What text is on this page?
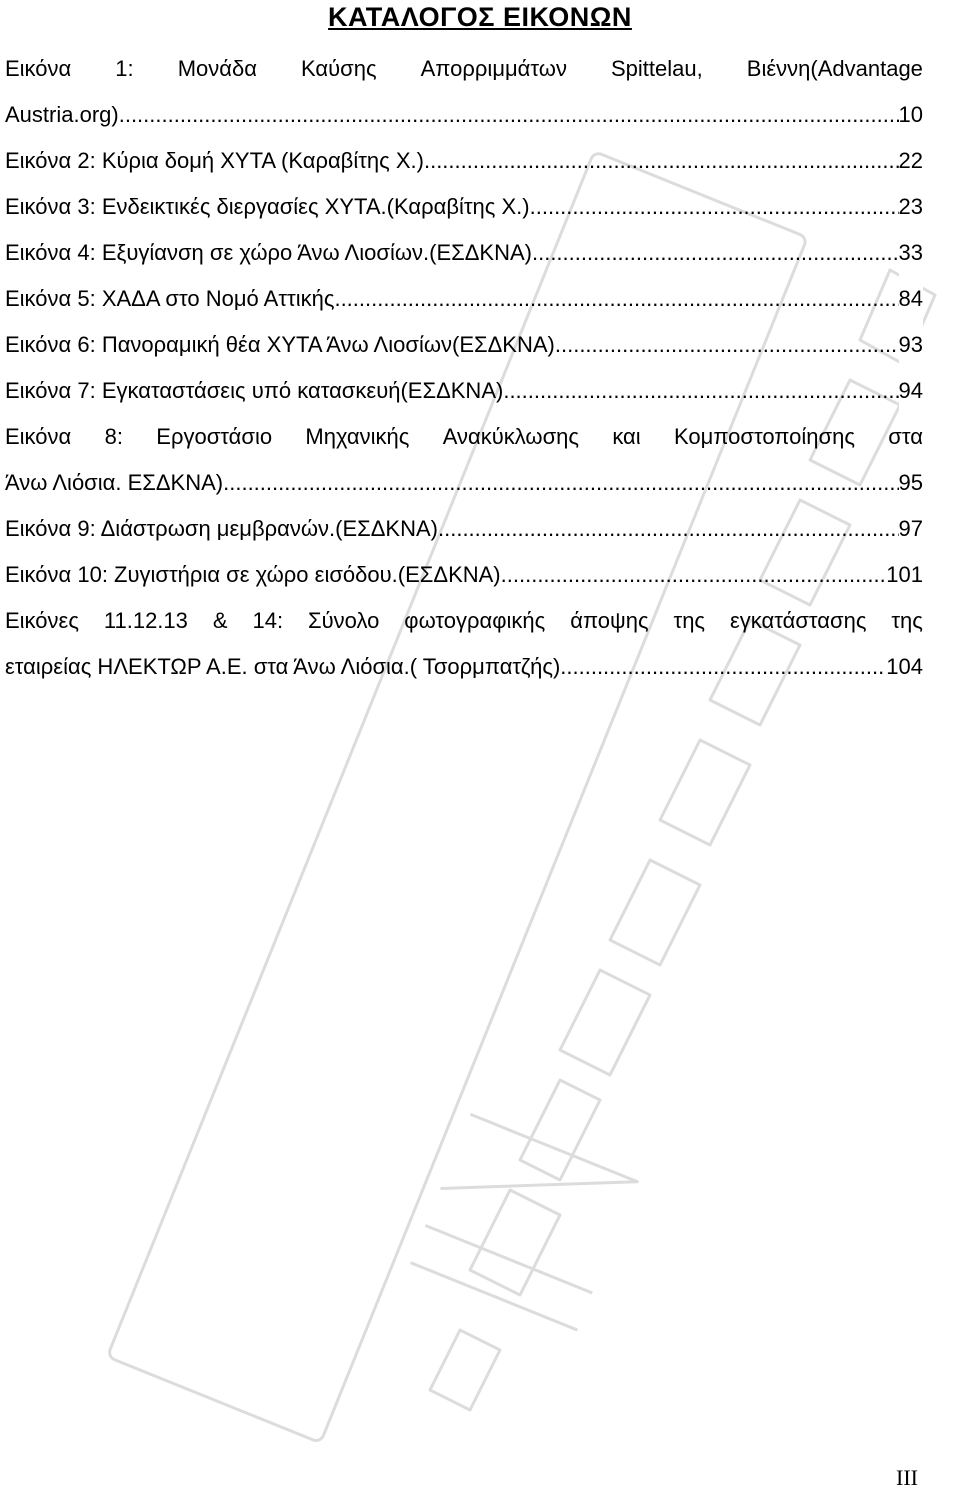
ΚΑΤΑΛΟΓΟΣ ΕΙΚΟΝΩΝ
Εικόνα 1: Μονάδα Καύσης Απορριμμάτων Spittelau, Βιέννη(Advantage
Austria.org) .....	10
Εικόνα 2: Κύρια δομή ΧΥΤΑ (Καραβίτης Χ.) .....	22
Εικόνα 3: Ενδεικτικές διεργασίες ΧΥΤΑ.(Καραβίτης Χ.) .....	23
Εικόνα 4: Εξυγίανση σε χώρο Άνω Λιοσίων.(ΕΣΔΚΝΑ) .....	33
Εικόνα 5: ΧΑΔΑ στο Νομό Αττικής .....	84
Εικόνα 6: Πανοραμική θέα ΧΥΤΑ Άνω Λιοσίων(ΕΣΔΚΝΑ) .....	93
Εικόνα 7: Εγκαταστάσεις υπό κατασκευή(ΕΣΔΚΝΑ) .....	94
Εικόνα 8: Εργοστάσιο Μηχανικής Ανακύκλωσης και Κομποστοποίησης στα
Άνω Λιόσια. ΕΣΔΚΝΑ) .....	95
Εικόνα 9: Διάστρωση μεμβρανών.(ΕΣΔΚΝΑ) .....	97
Εικόνα 10: Ζυγιστήρια σε χώρο εισόδου.(ΕΣΔΚΝΑ) .....	101
Εικόνες 11.12.13 & 14: Σύνολο φωτογραφικής άποψης της εγκατάστασης της
εταιρείας ΗΛΕΚΤΩΡ Α.Ε. στα Άνω Λιόσια.( Τσορμπατζής) .....	104
III
